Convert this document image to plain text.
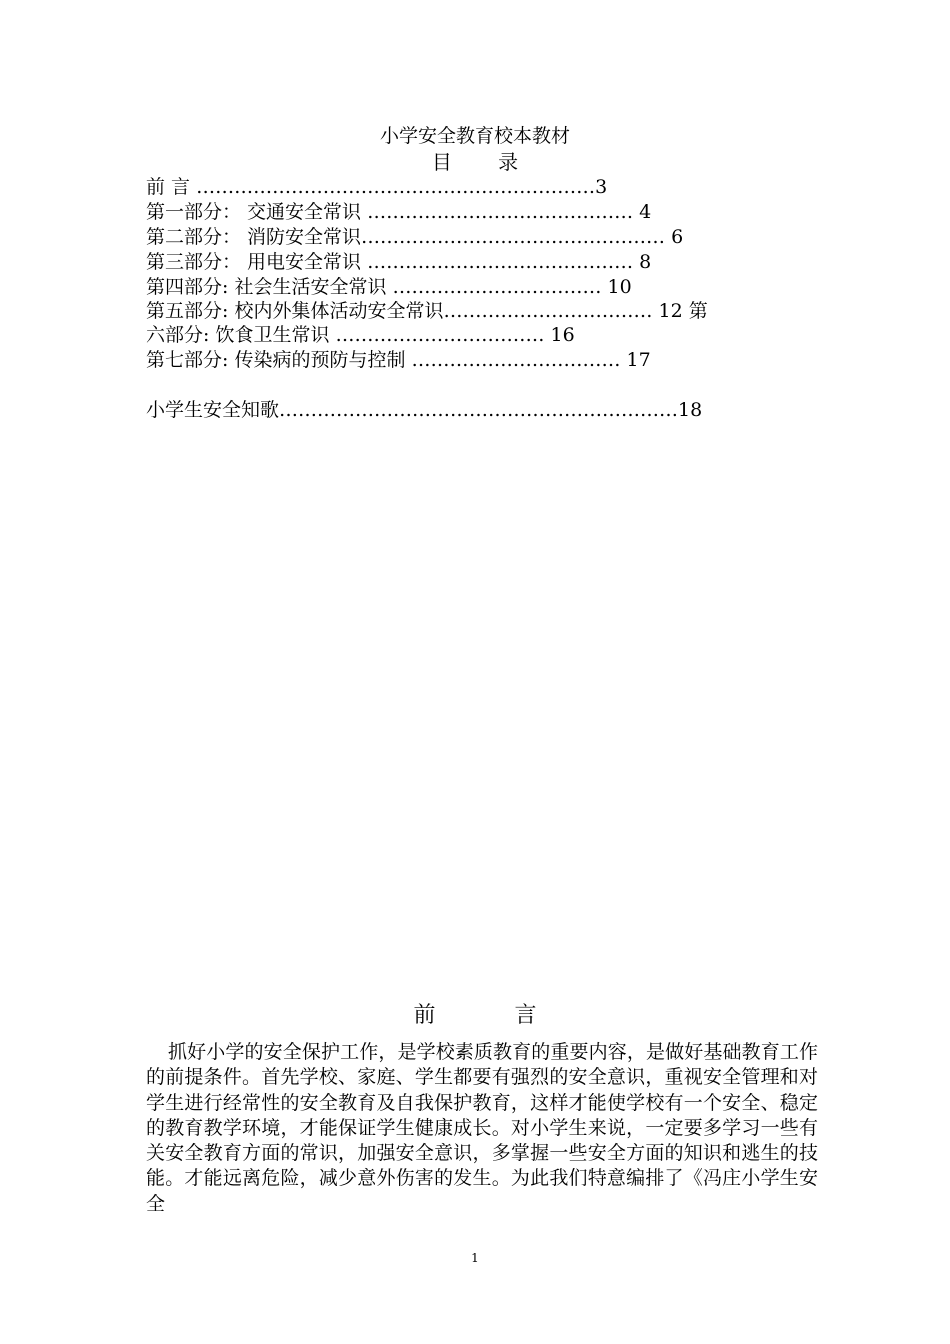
小学安全教育校本教材
目 录
前 言 ………………………………………………………3
第一部分： 交通安全常识 …………………………………… 4
第二部分： 消防安全常识………………………………………… 6
第三部分： 用电安全常识 …………………………………… 8
第四部分: 社会生活安全常识 …………………………… 10
第五部分: 校内外集体活动安全常识…………………………… 12 第
六部分: 饮食卫生常识 …………………………… 16
第七部分: 传染病的预防与控制 …………………………… 17
小学生安全知歌………………………………………………………18
前 言
抓好小学的安全保护工作，是学校素质教育的重要内容，是做好基础教育工作的前提条件。首先学校、家庭、学生都要有强烈的安全意识，重视安全管理和对学生进行经常性的安全教育及自我保护教育，这样才能使学校有一个安全、稳定的教育教学环境，才能保证学生健康成长。对小学生来说，一定要多学习一些有关安全教育方面的常识，加强安全意识，多掌握一些安全方面的知识和逃生的技能。才能远离危险，减少意外伤害的发生。为此我们特意编排了《冯庄小学生安全
1
